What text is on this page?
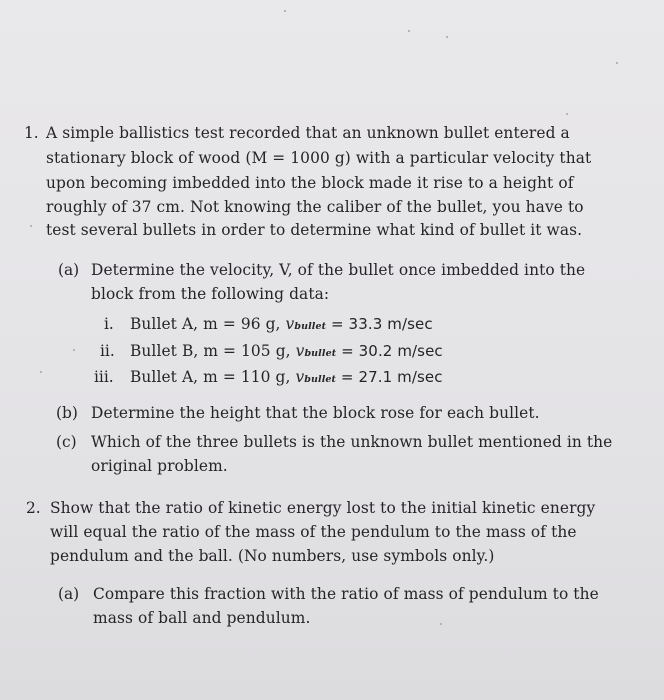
1. A simple ballistics test recorded that an unknown bullet entered a
stationary block of wood (M = 1000 g) with a particular velocity that
upon becoming imbedded into the block made it rise to a height of
roughly of 37 cm. Not knowing the caliber of the bullet, you have to
test several bullets in order to determine what kind of bullet it was.
(a) Determine the velocity, V, of the bullet once imbedded into the
block from the following data:
i. Bullet A, m = 96 g, vbullet = 33.3 m/sec
ii. Bullet B, m = 105 g, vbullet = 30.2 m/sec
iii. Bullet A, m = 110 g, vbullet = 27.1 m/sec
(b) Determine the height that the block rose for each bullet.
(c) Which of the three bullets is the unknown bullet mentioned in the
original problem.
2. Show that the ratio of kinetic energy lost to the initial kinetic energy
will equal the ratio of the mass of the pendulum to the mass of the
pendulum and the ball. (No numbers, use symbols only.)
(a) Compare this fraction with the ratio of mass of pendulum to the
mass of ball and pendulum.
